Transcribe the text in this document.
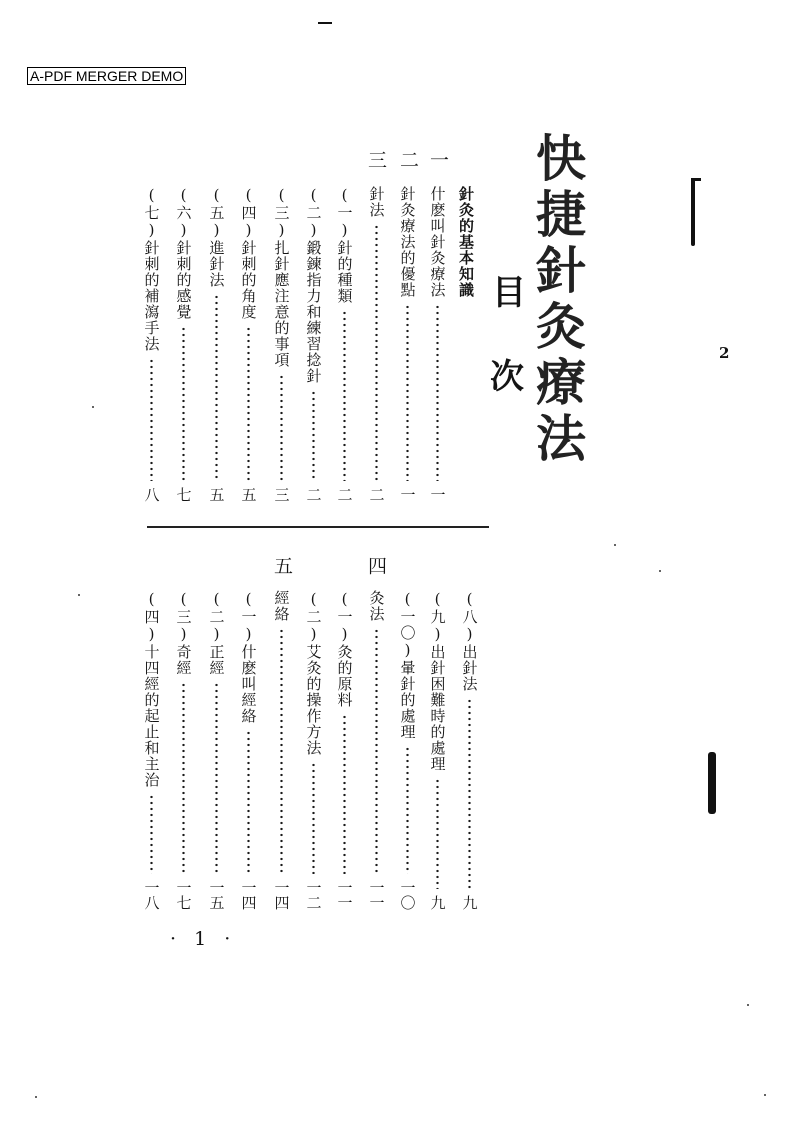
A-PDF MERGER DEMO
快捷針灸療法
目
次
一
二
三
針灸的基本知識
什麽叫針灸療法
一
針灸療法的優點
一
針法
二
(一)針的種類
二
(二)鍛鍊指力和練習捻針
二
(三)扎針應注意的事項
三
(四)針刺的角度
五
(五)進針法
五
(六)針刺的感覺
七
(七)針刺的補瀉手法
八
四
五
(八)出針法
九
(九)出針困難時的處理
九
(一〇)暈針的處理
一〇
灸法
一一
(一)灸的原料
一一
(二)艾灸的操作方法
一二
經絡
一四
(一)什麽叫經絡
一四
(二)正經
一五
(三)奇經
一七
(四)十四經的起止和主治
一八
· 1 ·
2
